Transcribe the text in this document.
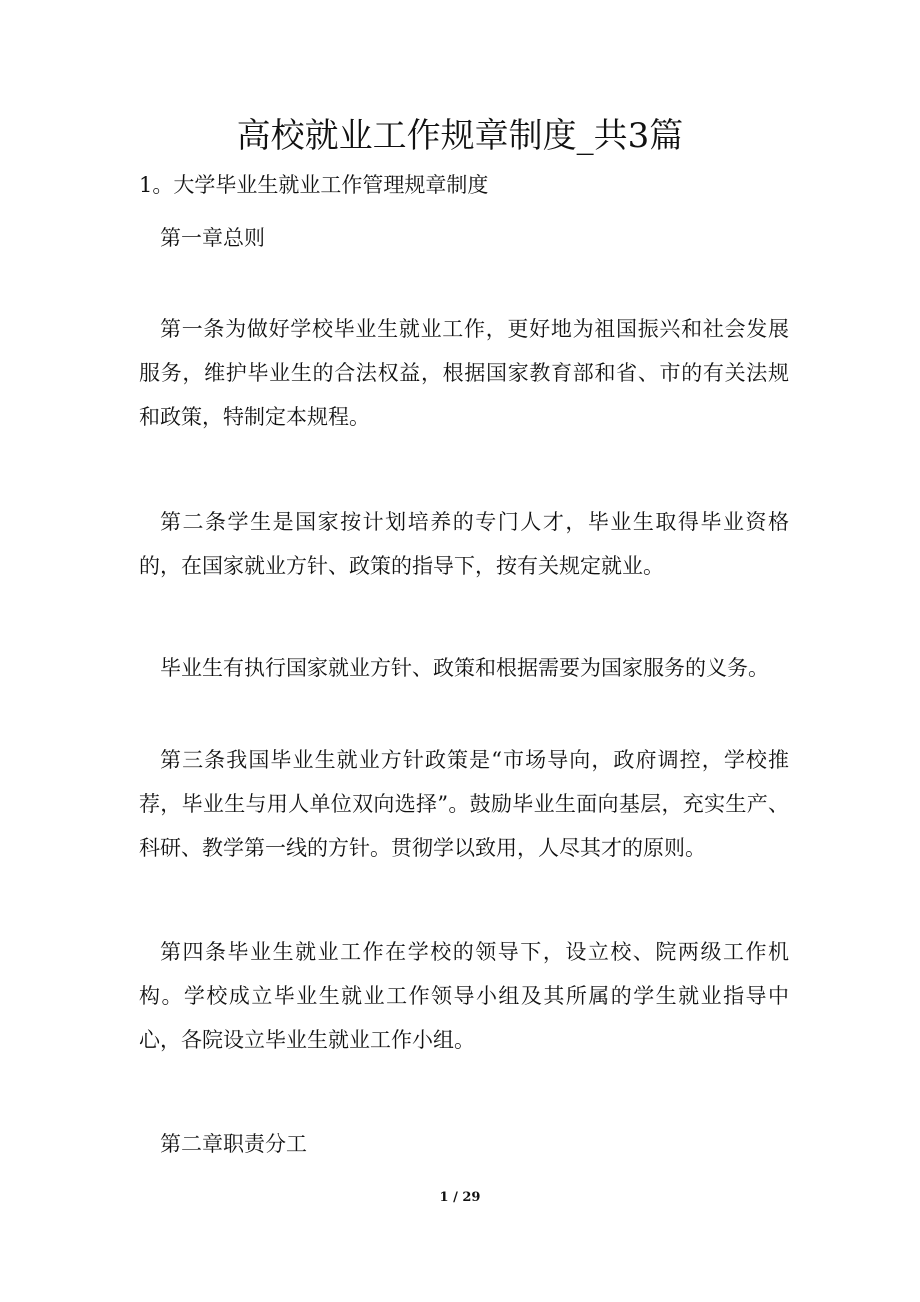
高校就业工作规章制度_共3篇

1。大学毕业生就业工作管理规章制度

第一章总则

第一条为做好学校毕业生就业工作，更好地为祖国振兴和社会发展服务，维护毕业生的合法权益，根据国家教育部和省、市的有关法规和政策，特制定本规程。

第二条学生是国家按计划培养的专门人才，毕业生取得毕业资格的，在国家就业方针、政策的指导下，按有关规定就业。

毕业生有执行国家就业方针、政策和根据需要为国家服务的义务。

第三条我国毕业生就业方针政策是“市场导向，政府调控，学校推荐，毕业生与用人单位双向选择”。鼓励毕业生面向基层，充实生产、科研、教学第一线的方针。贯彻学以致用，人尽其才的原则。

第四条毕业生就业工作在学校的领导下，设立校、院两级工作机构。学校成立毕业生就业工作领导小组及其所属的学生就业指导中心，各院设立毕业生就业工作小组。

第二章职责分工

1 / 29
